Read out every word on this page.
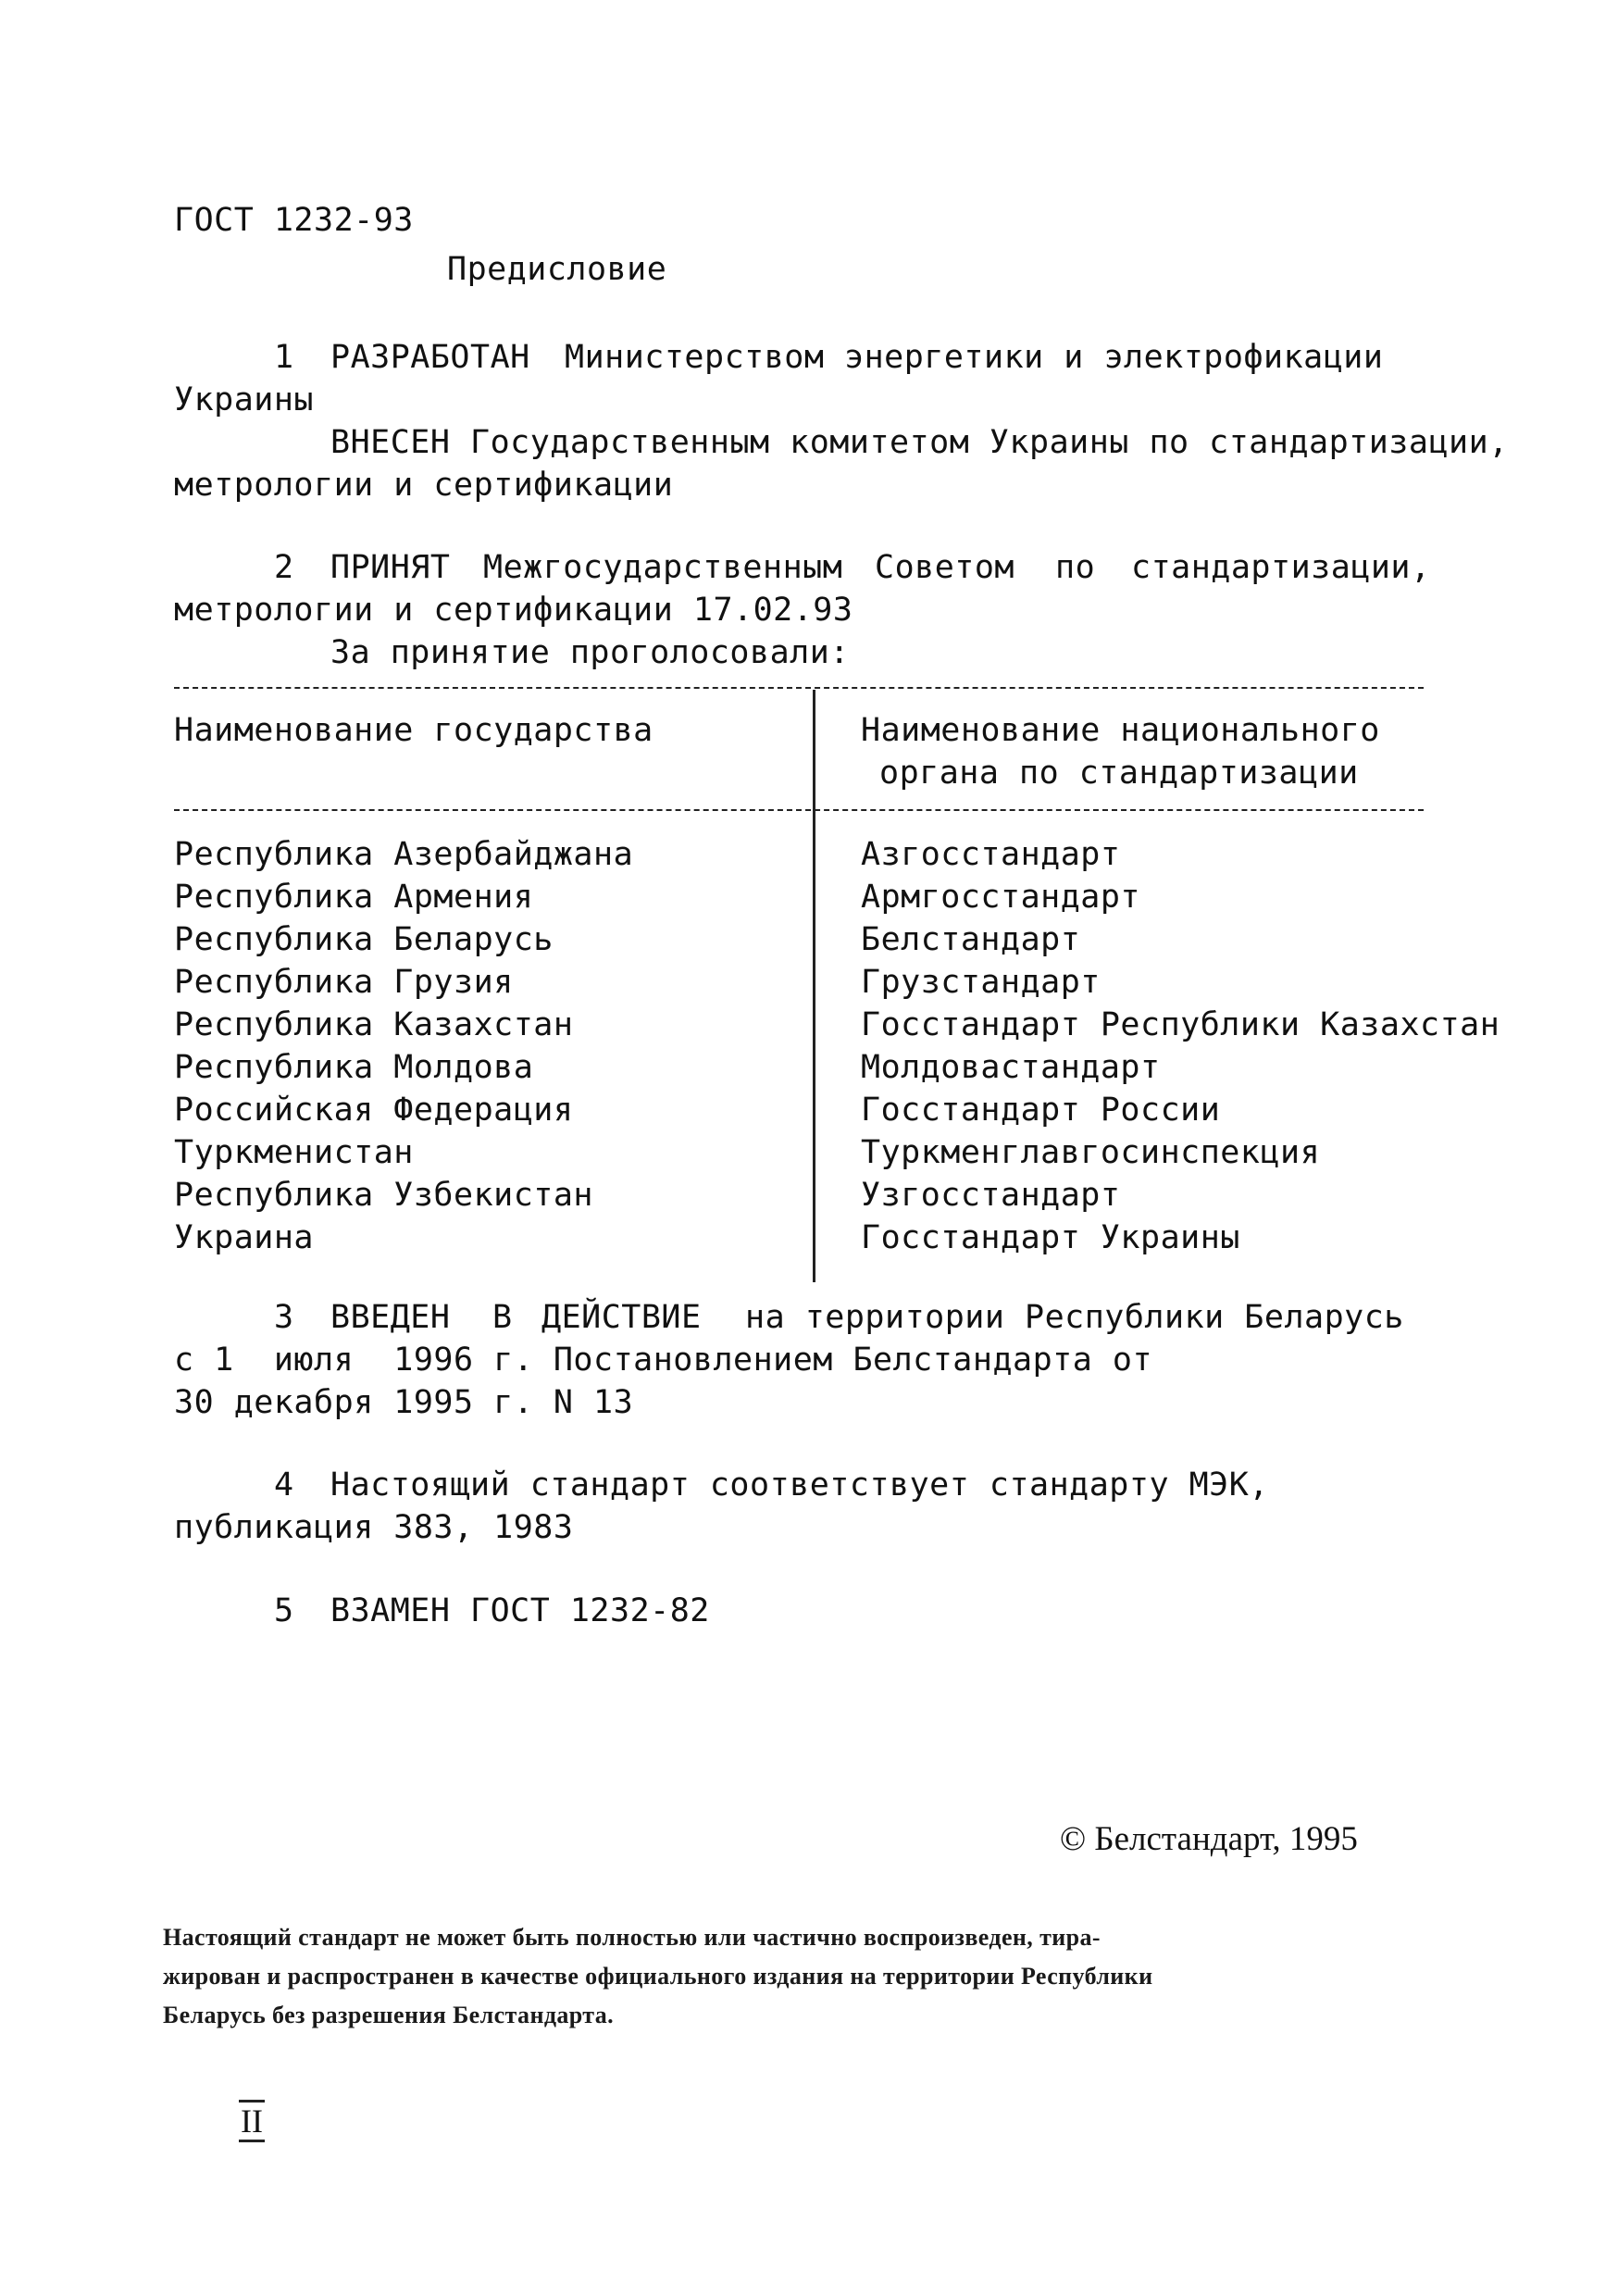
ГОСТ 1232-93
Предисловие
1 РАЗРАБОТАН Министерством энергетики и электрофикации
Украины
ВНЕСЕН Государственным комитетом Украины по стандартизации,
метрологии и сертификации
2 ПРИНЯТ Межгосударственным Советом по стандартизации,
метрологии и сертификации 17.02.93
За принятие проголосовали:
Наименование государства	Наименование национального
органа по стандартизации
Республика Азербайджана	Азгосстандарт
Республика Армения	Армгосстандарт
Республика Беларусь	Белстандарт
Республика Грузия	Грузстандарт
Республика Казахстан	Госстандарт Республики Казахстан
Республика Молдова	Молдовастандарт
Российская Федерация	Госстандарт России
Туркменистан	Туркменглавгосинспекция
Республика Узбекистан	Узгосстандарт
Украина	Госстандарт Украины
3 ВВЕДЕН В ДЕЙСТВИЕ на территории Республики Беларусь
с 1  июля  1996 г. Постановлением Белстандарта от
30 декабря 1995 г. N 13
4 Настоящий стандарт соответствует стандарту МЭК,
публикация 383, 1983
5 ВЗАМЕН ГОСТ 1232-82
© Белстандарт, 1995
Настоящий стандарт не может быть полностью или частично воспроизведен, тира-
жирован и распространен в качестве официального издания на территории Республики
Беларусь без разрешения Белстандарта.
II
